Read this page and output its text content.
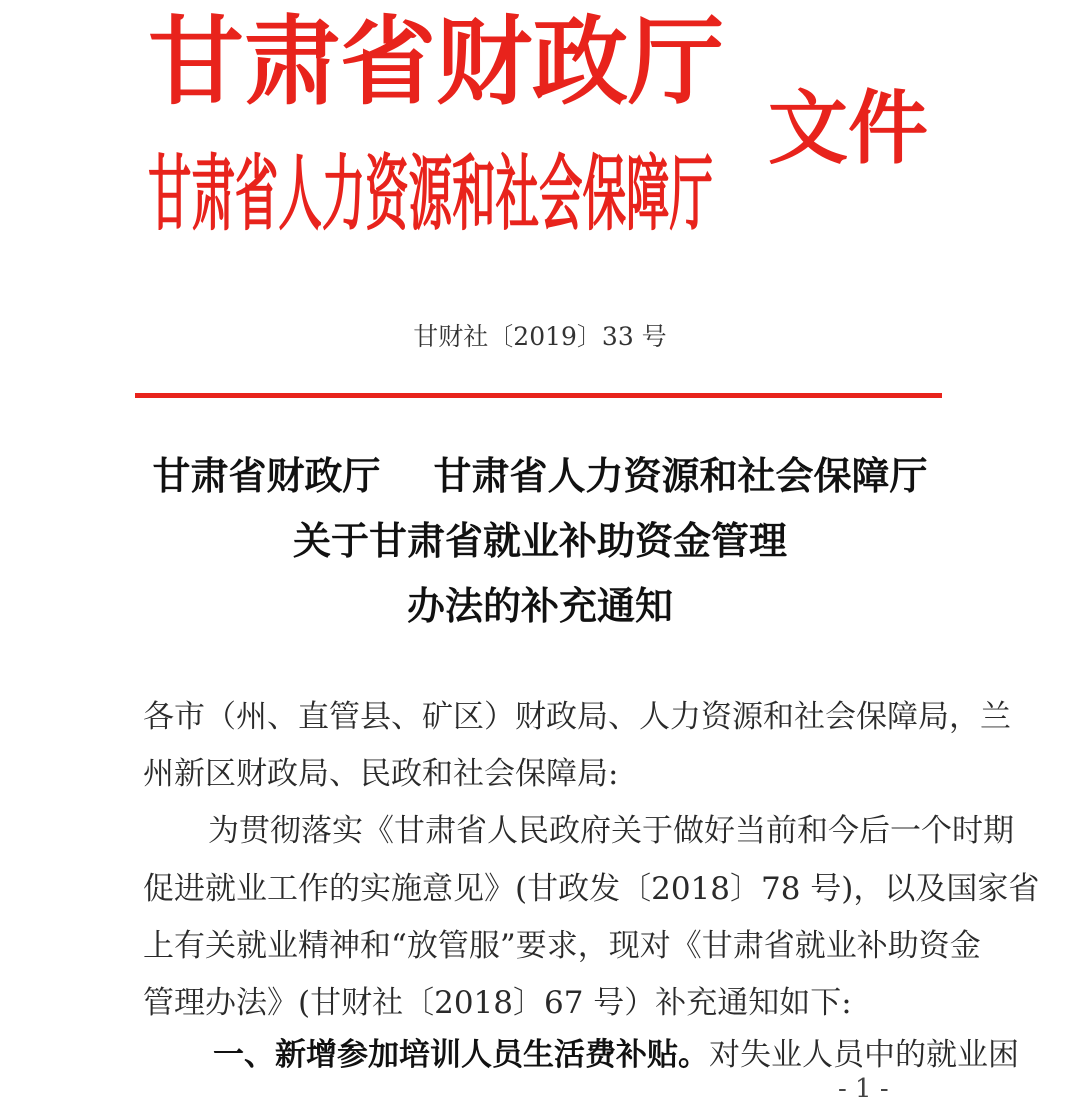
甘肃省财政厅
甘肃省人力资源和社会保障厅
文件
甘财社〔2019〕33 号
甘肃省财政厅    甘肃省人力资源和社会保障厅
关于甘肃省就业补助资金管理
办法的补充通知
各市（州、直管县、矿区）财政局、人力资源和社会保障局，兰
州新区财政局、民政和社会保障局:
为贯彻落实《甘肃省人民政府关于做好当前和今后一个时期
促进就业工作的实施意见》(甘政发〔2018〕78 号)，以及国家省
上有关就业精神和“放管服”要求，现对《甘肃省就业补助资金
管理办法》(甘财社〔2018〕67 号）补充通知如下:
一、新增参加培训人员生活费补贴。对失业人员中的就业困
- 1 -
